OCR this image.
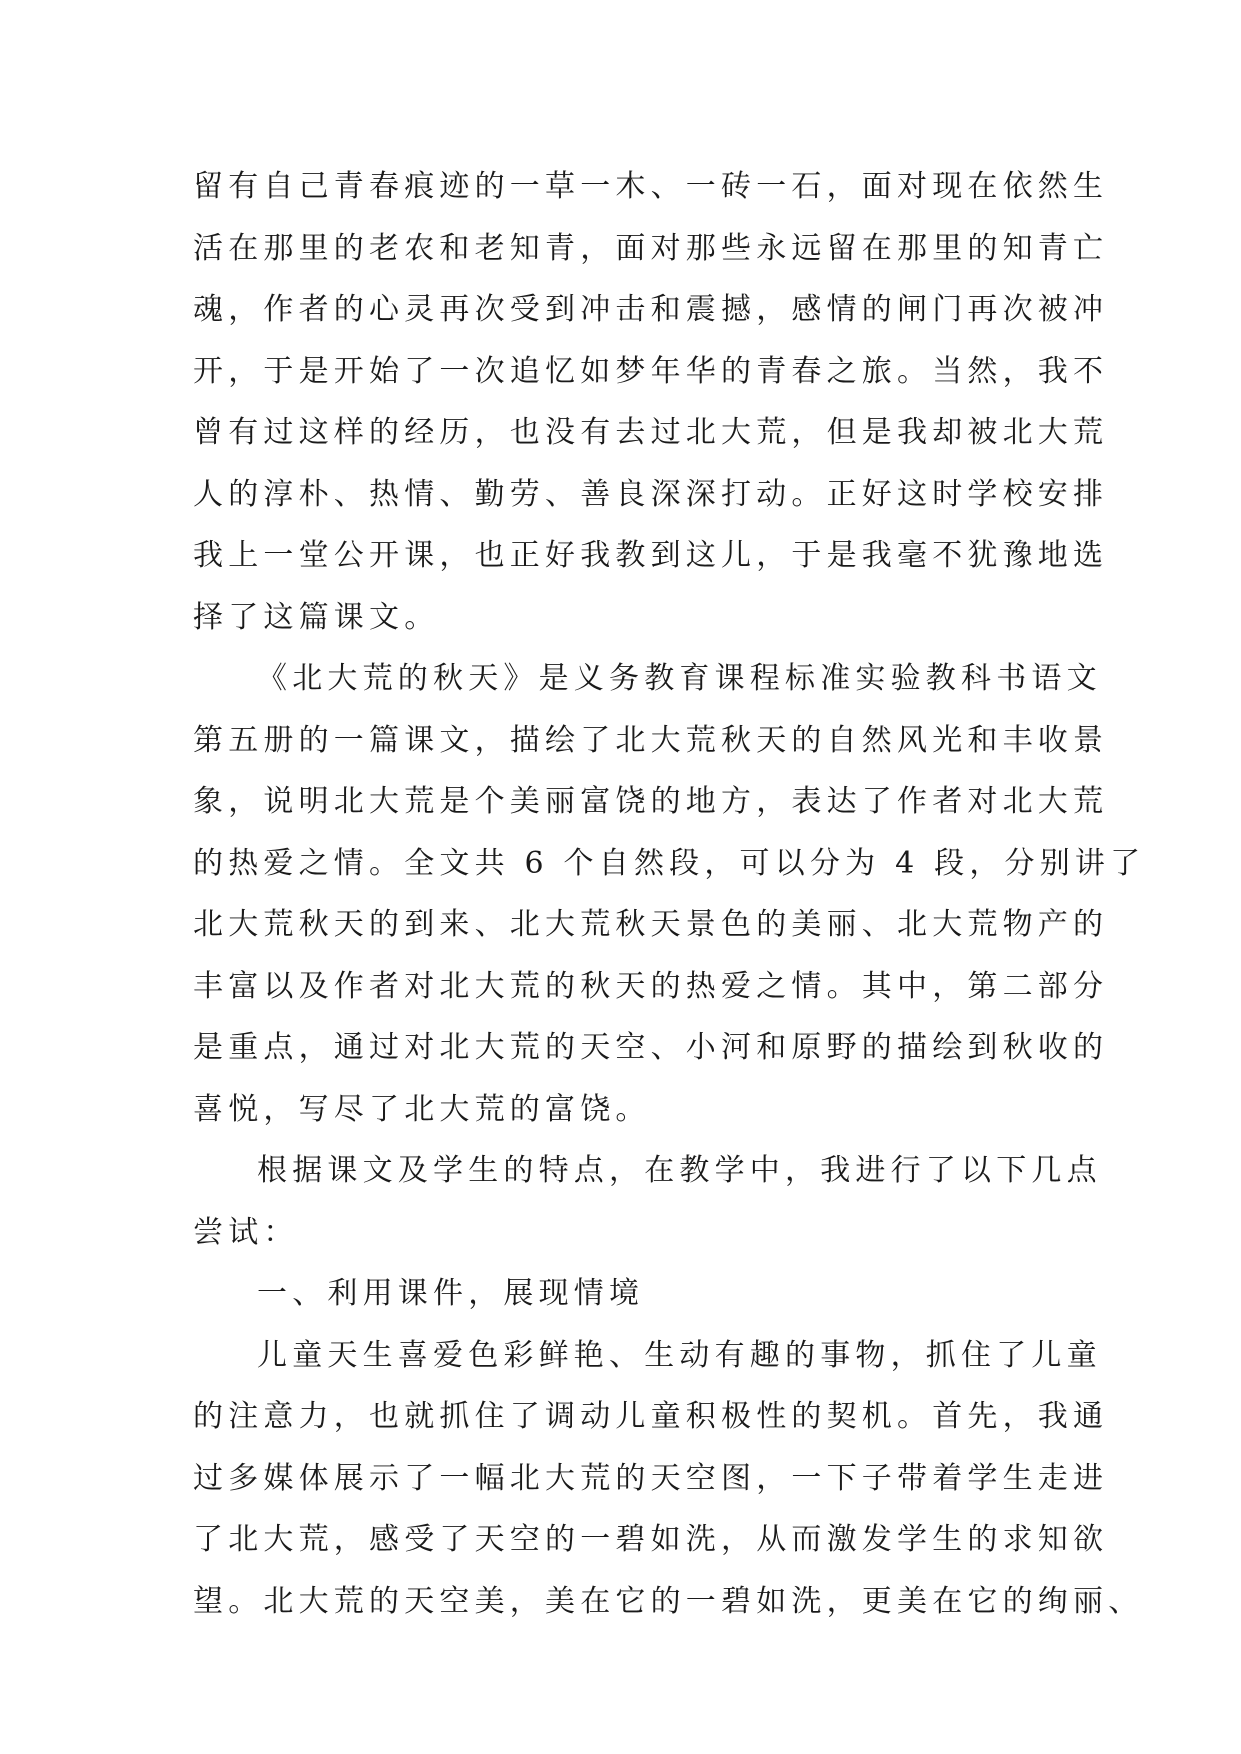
留有自己青春痕迹的一草一木、一砖一石，面对现在依然生
活在那里的老农和老知青，面对那些永远留在那里的知青亡
魂，作者的心灵再次受到冲击和震撼，感情的闸门再次被冲
开，于是开始了一次追忆如梦年华的青春之旅。当然，我不
曾有过这样的经历，也没有去过北大荒，但是我却被北大荒
人的淳朴、热情、勤劳、善良深深打动。正好这时学校安排
我上一堂公开课，也正好我教到这儿，于是我毫不犹豫地选
择了这篇课文。
《北大荒的秋天》是义务教育课程标准实验教科书语文
第五册的一篇课文，描绘了北大荒秋天的自然风光和丰收景
象，说明北大荒是个美丽富饶的地方，表达了作者对北大荒
的热爱之情。全文共 6 个自然段，可以分为 4 段，分别讲了
北大荒秋天的到来、北大荒秋天景色的美丽、北大荒物产的
丰富以及作者对北大荒的秋天的热爱之情。其中，第二部分
是重点，通过对北大荒的天空、小河和原野的描绘到秋收的
喜悦，写尽了北大荒的富饶。
根据课文及学生的特点，在教学中，我进行了以下几点
尝试：
一、利用课件，展现情境
儿童天生喜爱色彩鲜艳、生动有趣的事物，抓住了儿童
的注意力，也就抓住了调动儿童积极性的契机。首先，我通
过多媒体展示了一幅北大荒的天空图，一下子带着学生走进
了北大荒，感受了天空的一碧如洗，从而激发学生的求知欲
望。北大荒的天空美，美在它的一碧如洗，更美在它的绚丽、
